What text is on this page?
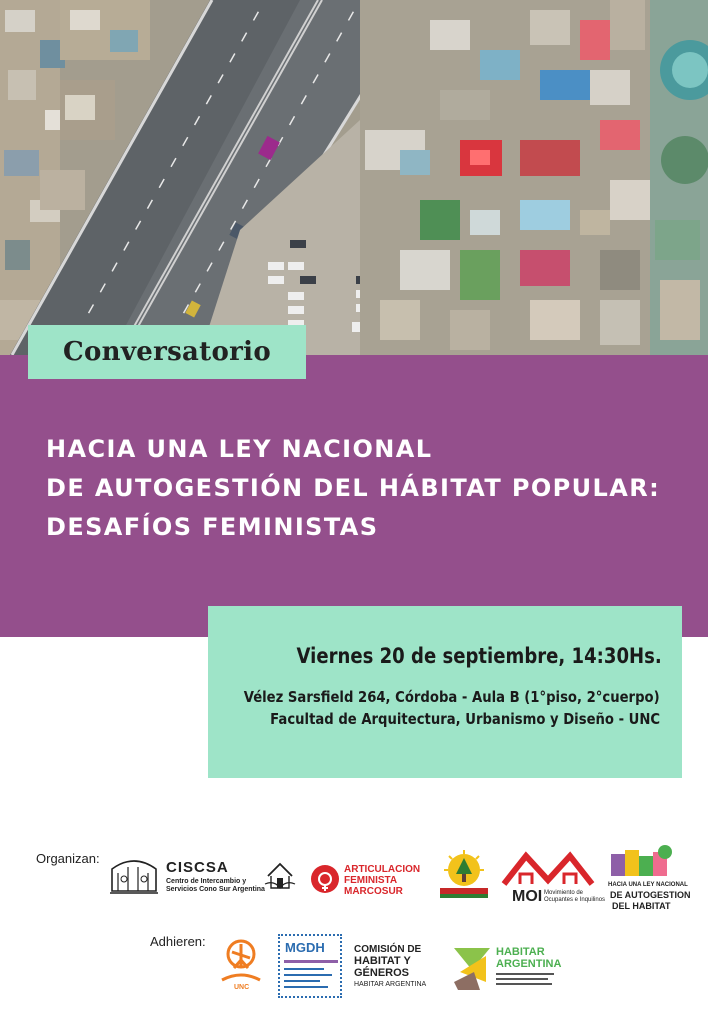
Conversatorio
HACIA UNA LEY NACIONAL
DE AUTOGESTIÓN DEL HÁBITAT POPULAR:
DESAFÍOS FEMINISTAS
Viernes 20 de septiembre, 14:30Hs.
Vélez Sarsfield 264, Córdoba - Aula B (1°piso, 2°cuerpo)
Facultad de Arquitectura, Urbanismo y Diseño - UNC
Organizan:
CISCSA
Centro de Intercambio y
Servicios Cono Sur Argentina
ARTICULACION
FEMINISTA
MARCOSUR	MOI Movimiento de
Ocupantes e Inquilinos
HACIA UNA LEY NACIONAL
DE AUTOGESTION
DEL HABITAT
Adhieren:
UNC
MGDH	COMISIÓN DE
HABITAT Y
GÉNEROS
HABITAR ARGENTINA
HABITAR
ARGENTINA
